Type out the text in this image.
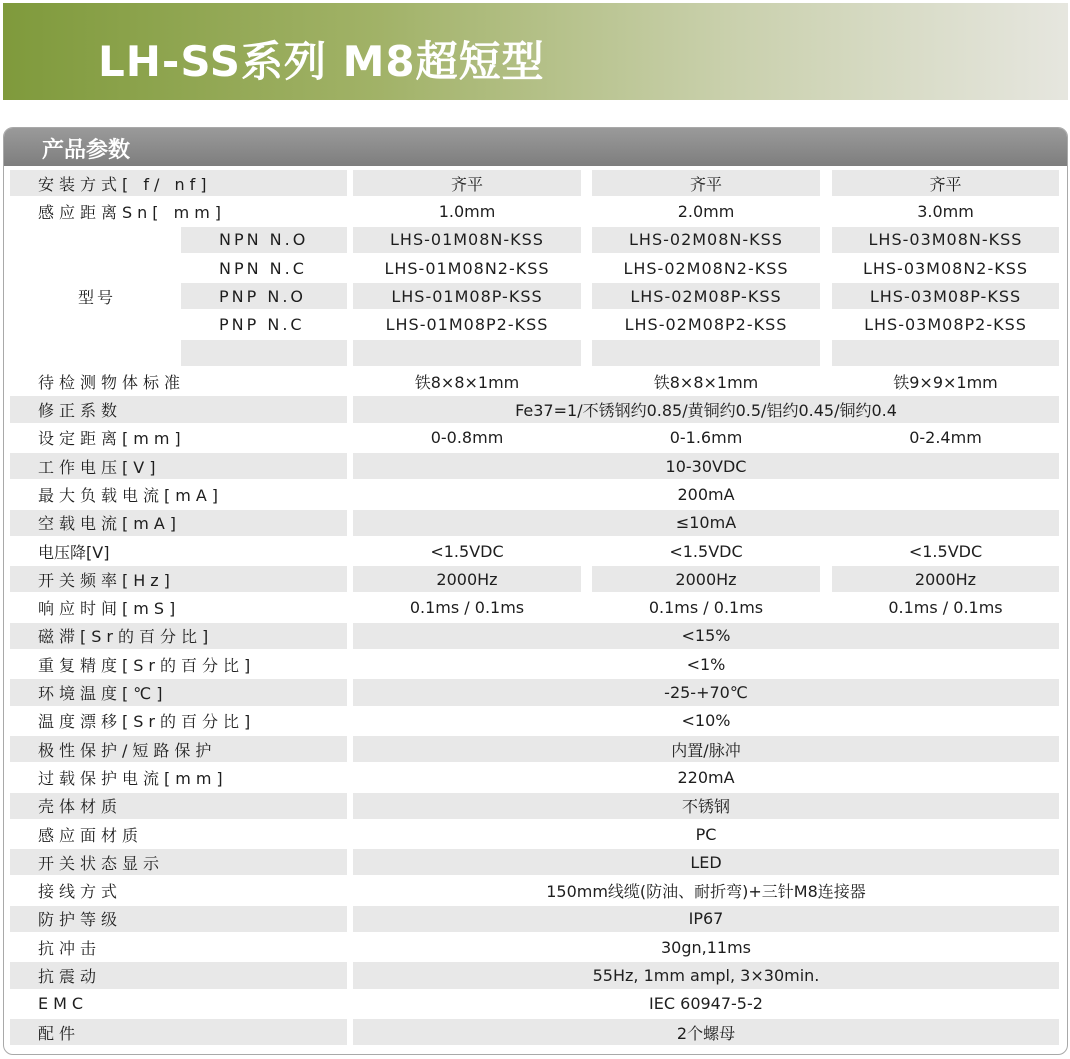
LH-SS系列 M8超短型
产品参数
安装方式[ f/ nf]	齐平	齐平	齐平
感应距离Sn[ mm]	1.0mm	2.0mm	3.0mm
型号
NPN N.O	LHS-01M08N-KSS	LHS-02M08N-KSS	LHS-03M08N-KSS
NPN N.C	LHS-01M08N2-KSS	LHS-02M08N2-KSS	LHS-03M08N2-KSS
PNP N.O	LHS-01M08P-KSS	LHS-02M08P-KSS	LHS-03M08P-KSS
PNP N.C	LHS-01M08P2-KSS	LHS-02M08P2-KSS	LHS-03M08P2-KSS
待检测物体标准	铁8×8×1mm	铁8×8×1mm	铁9×9×1mm
修正系数	Fe37=1/不锈钢约0.85/黄铜约0.5/铝约0.45/铜约0.4
设定距离[mm]	0-0.8mm	0-1.6mm	0-2.4mm
工作电压[V]	10-30VDC
最大负载电流[mA]	200mA
空载电流[mA]	≤10mA
电压降[V]	<1.5VDC	<1.5VDC	<1.5VDC
开关频率[Hz]	2000Hz	2000Hz	2000Hz
响应时间[mS]	0.1ms / 0.1ms	0.1ms / 0.1ms	0.1ms / 0.1ms
磁滞[Sr的百分比]	<15%
重复精度[Sr的百分比]	<1%
环境温度[℃]	-25-+70℃
温度漂移[Sr的百分比]	<10%
极性保护/短路保护	内置/脉冲
过载保护电流[mm]	220mA
壳体材质	不锈钢
感应面材质	PC
开关状态显示	LED
接线方式	150mm线缆(防油、耐折弯)+三针M8连接器
防护等级	IP67
抗冲击	30gn,11ms
抗震动	55Hz, 1mm ampl, 3×30min.
EMC	IEC 60947-5-2
配件	2个螺母
